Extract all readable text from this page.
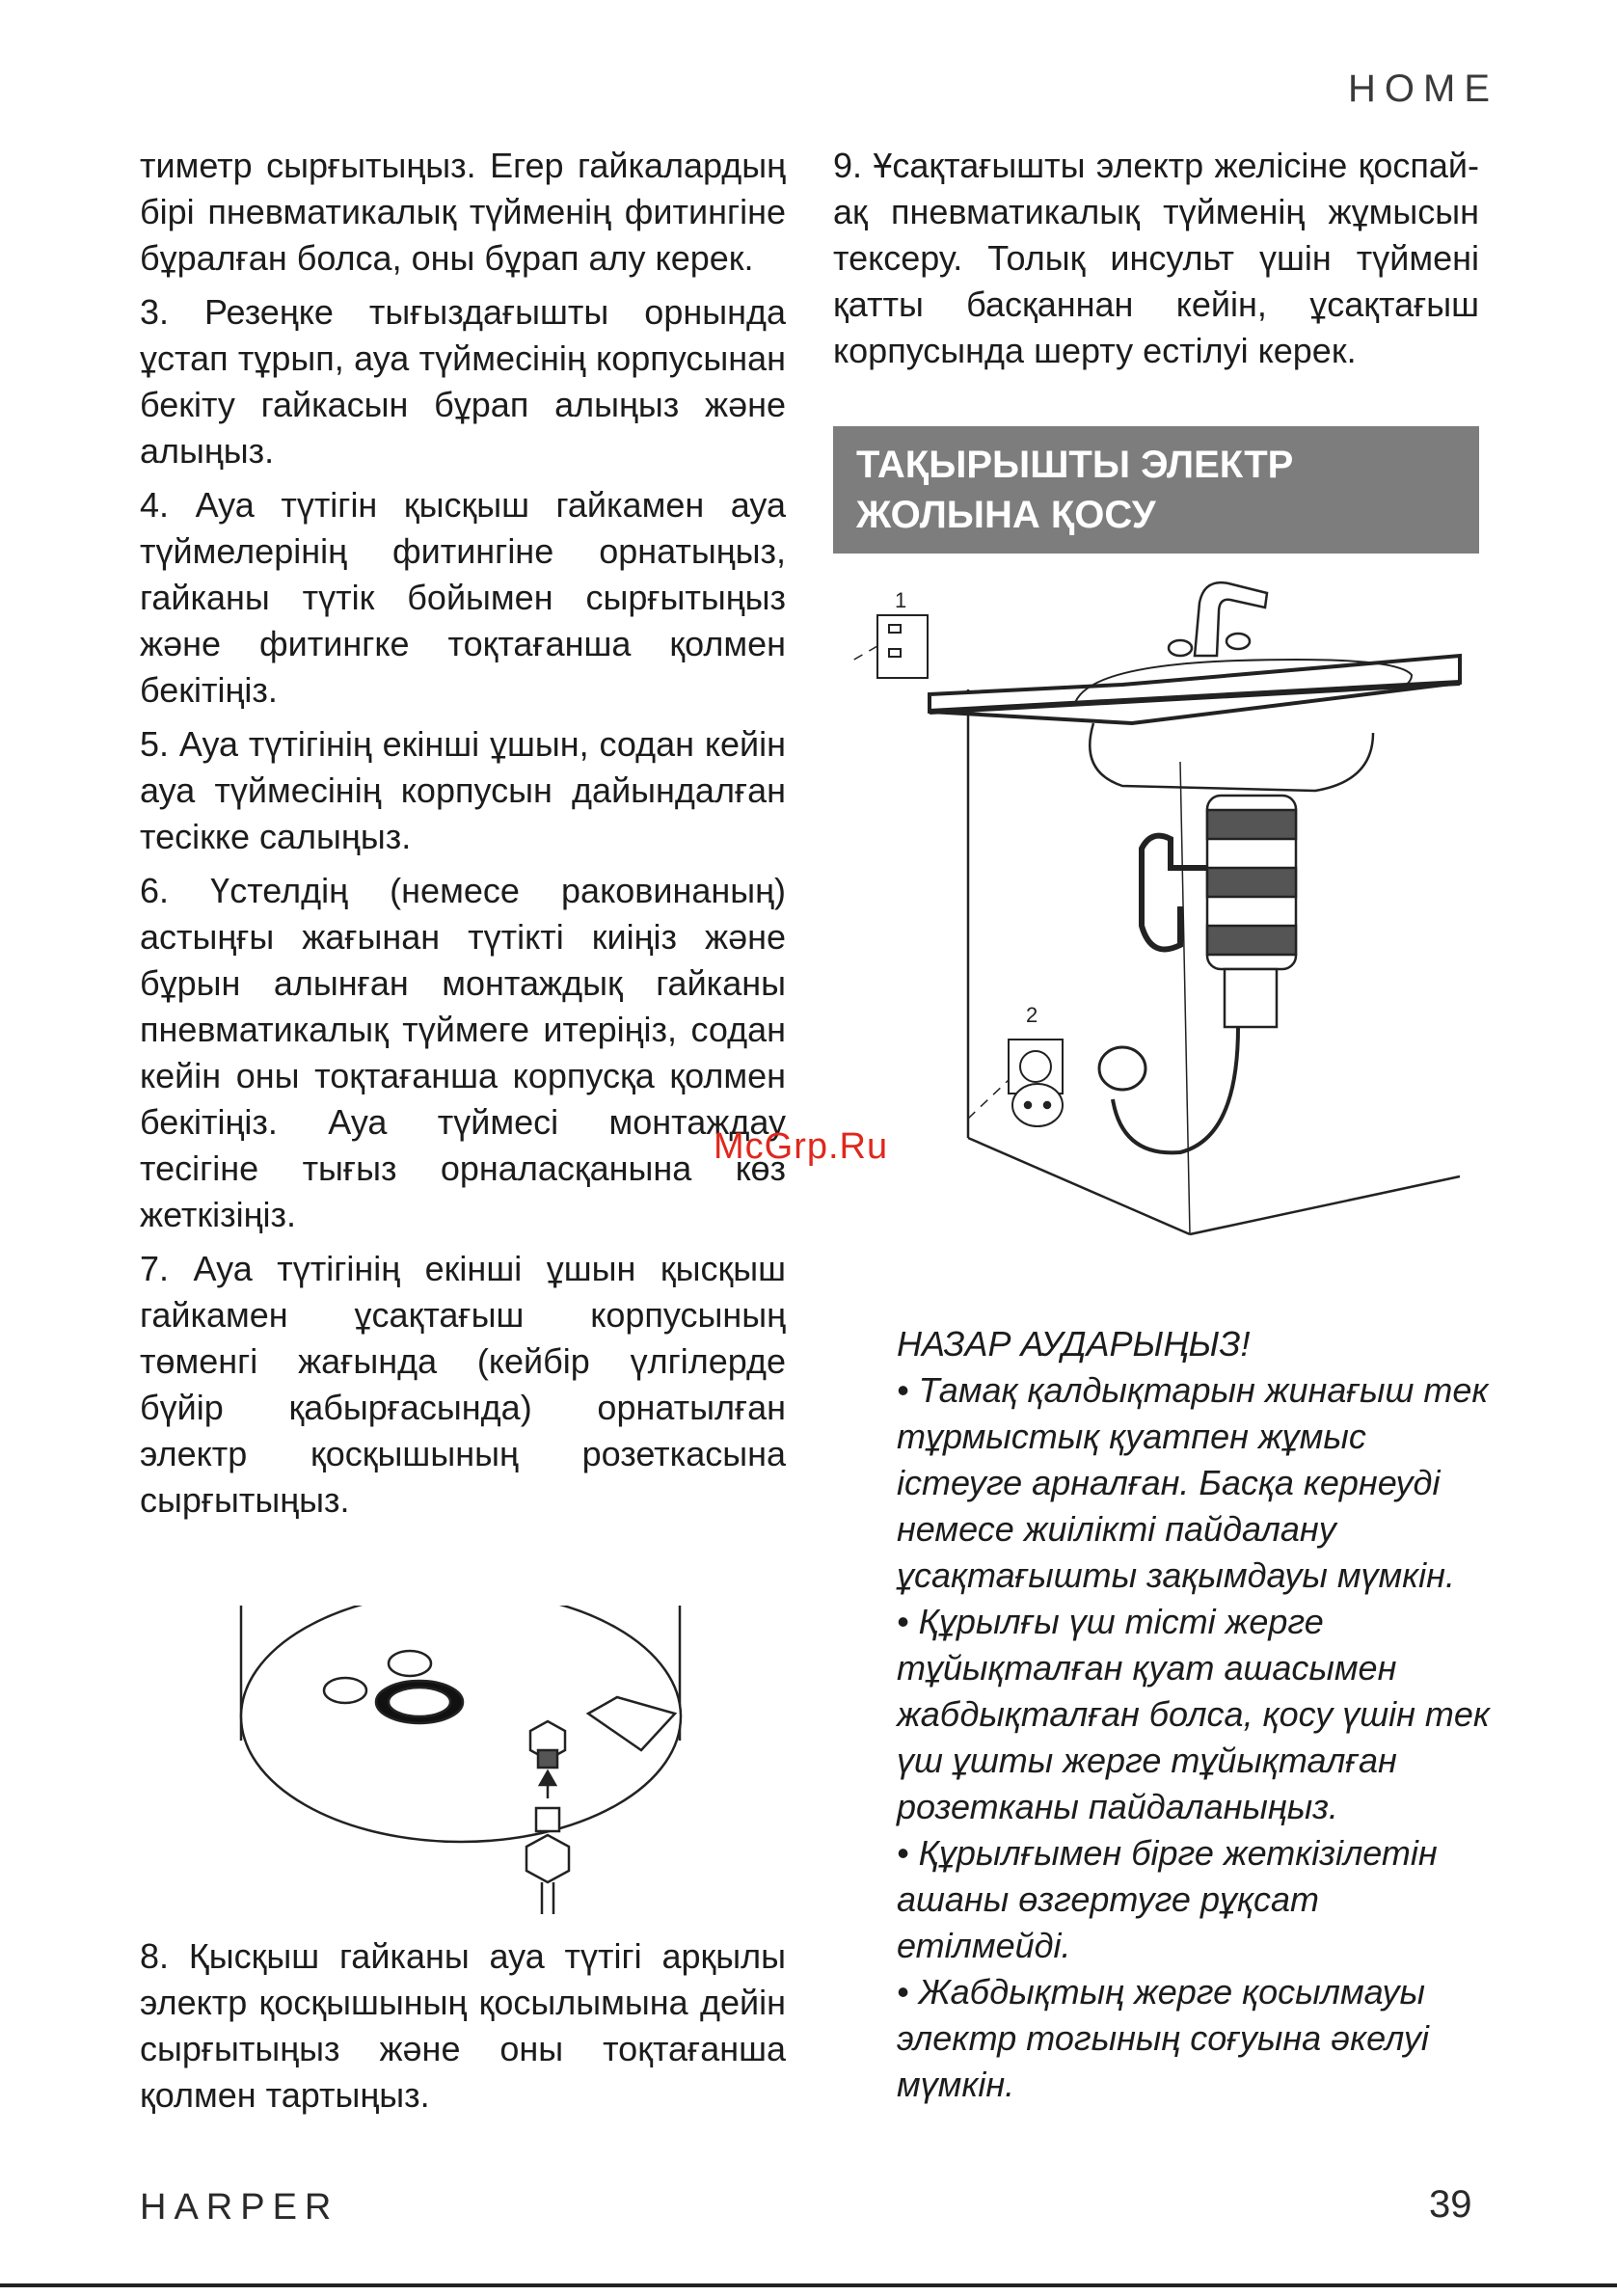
HOME

тиметр сырғытыңыз. Егер гайкалардың бірі пневматикалық түйменің фитингіне бұралған болса, оны бұрап алу керек.

3. Резеңке тығыздағышты орнында ұстап тұрып, ауа түймесінің корпусынан бекіту гайкасын бұрап алыңыз және алыңыз.

4. Ауа түтігін қысқыш гайкамен ауа түймелерінің фитингіне орнатыңыз, гайканы түтік бойымен сырғытыңыз және фитингке тоқтағанша қолмен бекітіңіз.

5. Ауа түтігінің екінші ұшын, содан кейін ауа түймесінің корпусын дайындалған тесікке салыңыз.

6. Үстелдің (немесе раковинаның) астыңғы жағынан түтікті киіңіз және бұрын алынған монтаждық гайканы пневматикалық түймеге итеріңіз, содан кейін оны тоқтағанша корпусқа қолмен бекітіңіз. Ауа түймесі монтаждау тесігіне тығыз орналасқанына көз жеткізіңіз.

7. Ауа түтігінің екінші ұшын қысқыш гайкамен ұсақтағыш корпусының төменгі жағында (кейбір үлгілерде бүйір қабырғасында) орнатылған электр қосқышының розеткасына сырғытыңыз.

9. Ұсақтағышты электр желісіне қоспай-ақ пневматикалық түйменің жұмысын тексеру. Толық инсульт үшін түймені қатты басқаннан кейін, ұсақтағыш корпусында шерту естілуі керек.

ТАҚЫРЫШТЫ ЭЛЕКТР
ЖОЛЫНА ҚОСУ
1
2

8. Қысқыш гайканы ауа түтігі арқылы электр қосқышының қосылымына дейін сырғытыңыз және оны тоқтағанша қолмен тартыңыз.

НАЗАР АУДАРЫҢЫЗ!
• Тамақ қалдықтарын жинағыш тек тұрмыстық қуатпен жұмыс істеуге арналған. Басқа кернеуді немесе жиілікті пайдалану ұсақтағышты зақымдауы мүмкін.
• Құрылғы үш тісті жерге тұйықталған қуат ашасымен жабдықталған болса, қосу үшін тек үш ұшты жерге тұйықталған розетканы пайдаланыңыз.
• Құрылғымен бірге жеткізілетін ашаны өзгертуге рұқсат етілмейді.
• Жабдықтың жерге қосылмауы электр тогының соғуына әкелуі мүмкін.
McGrp.Ru
HARPER	39
